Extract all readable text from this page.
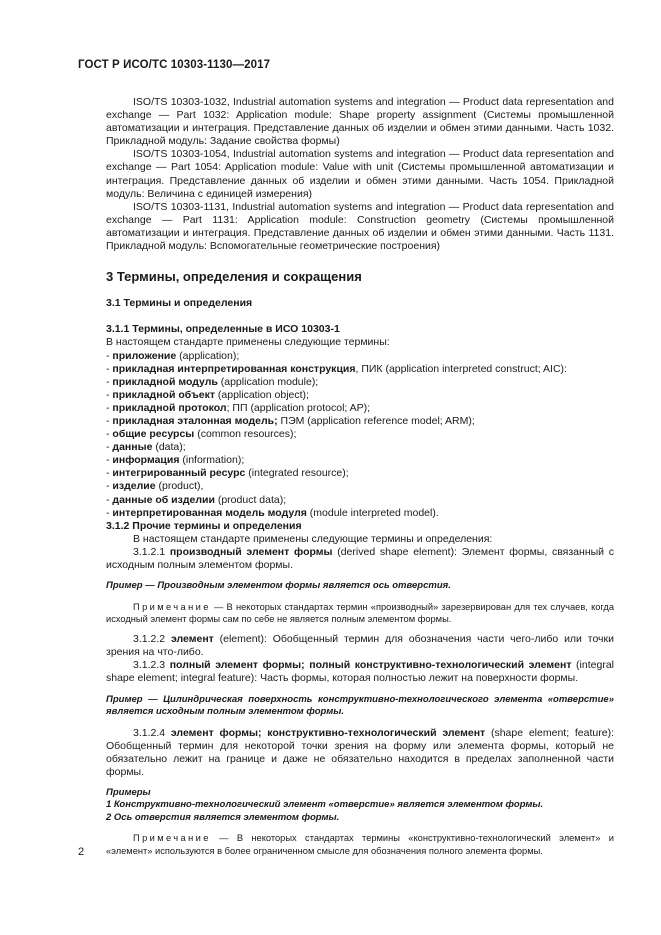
ГОСТ Р ИСО/ТС 10303-1130—2017

ISO/TS 10303-1032, Industrial automation systems and integration — Product data representation and exchange — Part 1032: Application module: Shape property assignment (Системы промышленной автоматизации и интеграция. Представление данных об изделии и обмен этими данными. Часть 1032. Прикладной модуль: Задание свойства формы)

ISO/TS 10303-1054, Industrial automation systems and integration — Product data representation and exchange — Part 1054: Application module: Value with unit (Системы промышленной автоматизации и интеграция. Представление данных об изделии и обмен этими данными. Часть 1054. Прикладной модуль: Величина с единицей измерения)

ISO/TS 10303-1131, Industrial automation systems and integration — Product data representation and exchange — Part 1131: Application module: Construction geometry (Системы промышленной автоматизации и интеграция. Представление данных об изделии и обмен этими данными. Часть 1131. Прикладной модуль: Вспомогательные геометрические построения)

3 Термины, определения и сокращения

3.1 Термины и определения

3.1.1 Термины, определенные в ИСО 10303-1

В настоящем стандарте применены следующие термины:

- приложение (application);

- прикладная интерпретированная конструкция, ПИК (application interpreted construct; AIC):

- прикладной модуль (application module);

- прикладной объект (application object);

- прикладной протокол; ПП (application protocol; AP);

- прикладная эталонная модель; ПЭМ (application reference model; ARM);

- общие ресурсы (common resources);

- данные (data);

- информация (information);

- интегрированный ресурс (integrated resource);

- изделие (product),

- данные об изделии (product data);

- интерпретированная модель модуля (module interpreted model).

3.1.2 Прочие термины и определения

В настоящем стандарте применены следующие термины и определения:

3.1.2.1 производный элемент формы (derived shape element): Элемент формы, связанный с исходным полным элементом формы.

Пример — Производным элементом формы является ось отверстия.

Примечание — В некоторых стандартах термин «производный» зарезервирован для тех случаев, когда исходный элемент формы сам по себе не является полным элементом формы.

3.1.2.2 элемент (element): Обобщенный термин для обозначения части чего-либо или точки зрения на что-либо.

3.1.2.3 полный элемент формы; полный конструктивно-технологический элемент (integral shape element; integral feature): Часть формы, которая полностью лежит на поверхности формы.

Пример — Цилиндрическая поверхность конструктивно-технологического элемента «отверстие» является исходным полным элементом формы.

3.1.2.4 элемент формы; конструктивно-технологический элемент (shape element; feature): Обобщенный термин для некоторой точки зрения на форму или элемента формы, который не обязательно лежит на границе и даже не обязательно находится в пределах заполненной части формы.

Примеры

1 Конструктивно-технологический элемент «отверстие» является элементом формы.

2 Ось отверстия является элементом формы.

Примечание — В некоторых стандартах термины «конструктивно-технологический элемент» и «элемент» используются в более ограниченном смысле для обозначения полного элемента формы.

2
